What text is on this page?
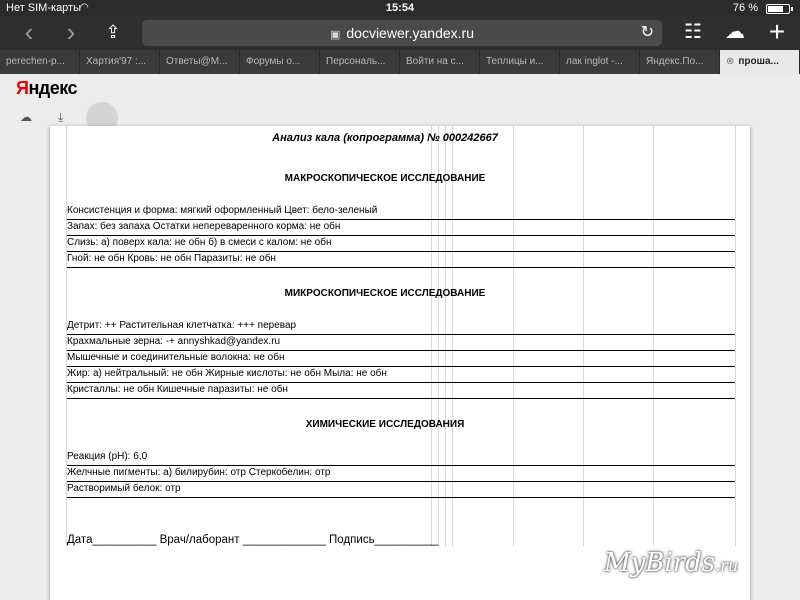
Нет SIM-карты
◠	15:54	76 %
‹	›	⇪	▣ docviewer.yandex.ru	↻	☷	☁ +
perechen-p...	Хартия'97 :...	Ответы@М...	Форумы о...	Персональ...	Войти на с...	Теплицы и...	лак inglot -...	Яндекс.По...	⊗ проша...
Яндекс
☁ ⤓
Анализ кала (копрограмма) № 000242667
МАКРОСКОПИЧЕСКОЕ ИССЛЕДОВАНИЕ
Консистенция и форма: мягкий оформленный Цвет: бело-зеленый
Запах: без запаха Остатки непереваренного корма: не обн
Слизь: а) поверх кала: не обн б) в смеси с калом: не обн
Гной: не обн Кровь: не обн Паразиты: не обн
МИКРОСКОПИЧЕСКОЕ ИССЛЕДОВАНИЕ
Детрит: ++ Растительная клетчатка: +++ перевар
Крахмальные зерна: -+ annyshkad@yandex.ru
Мышечные и соединительные волокна: не обн
Жир: а) нейтральный: не обн Жирные кислоты: не обн Мыла: не обн
Кристаллы: не обн Кишечные паразиты: не обн
ХИМИЧЕСКИЕ ИССЛЕДОВАНИЯ
Реакция (pH): 6,0
Желчные пигменты: а) билирубин: отр Стеркобелин: отр
Растворимый белок: отр
Дата__________ Врач/лаборант _____________ Подпись__________
MyBirds.ru
